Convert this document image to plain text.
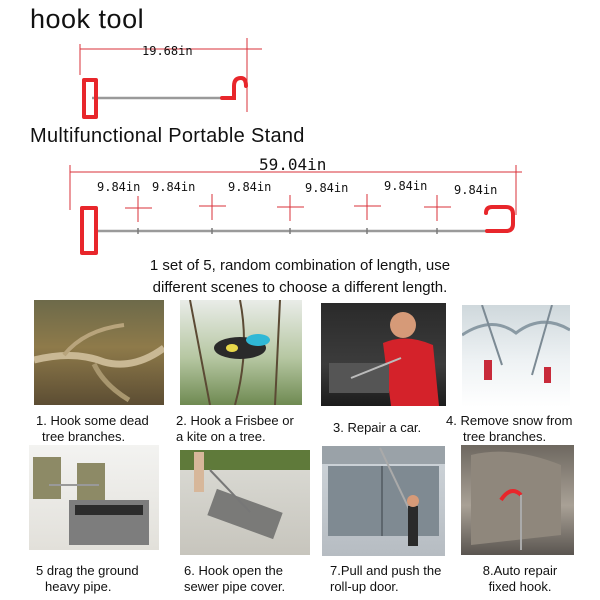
hook tool
Multifunctional Portable Stand
19.68in
59.04in
9.84in 9.84in	9.84in	9.84in	9.84in 9.84in
1 set of 5, random combination of length, use
different scenes to choose a different length.
1. Hook some dead
tree branches.
2. Hook a Frisbee or
a kite on a tree.
3. Repair a car. 4. Remove snow from
tree branches.
5 drag the ground
heavy pipe.
6. Hook open the
sewer pipe cover.
7.Pull and push the
roll-up door.
8.Auto repair
fixed hook.
